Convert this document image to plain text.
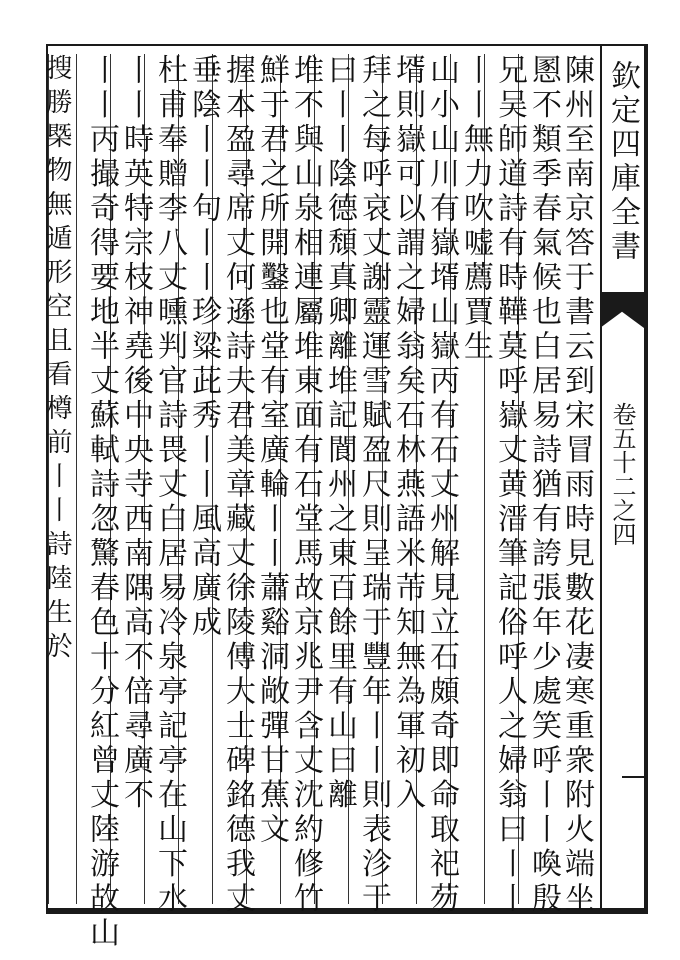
欽定四庫全書
卷五十二之四
陳州至南京答于書云到宋冒雨時見數花凄寒重衆附火端坐
慁不類季春氣候也白居易詩猶有誇張年少處笑呼丨丨喚殷
兄吴師道詩有時鞾莫呼嶽丈黄溍筆記俗呼人之婦翁曰丨丨
丨丨無力吹嘘薦賈生
山小山川有嶽壻山嶽丙有石丈州解見立石頗奇即命取祀芴
壻則嶽可以謂之婦翁矣石林燕語米芾知無為軍初入
拜之每呼哀丈謝靈運雪賦盈尺則呈瑞于豐年丨丨則表沴于
曰丨丨陰德頹真卿離堆記閬州之東百餘里有山曰離
堆不與山泉相連屬堆東面有石堂馬故京兆尹含丈沈約修竹
鮮于君之所開鑿也堂有室廣輪丨丨蕭谿洞敞彈甘蕉文
握本盈尋席丈何遜詩夫君美章藏丈徐陵傅大士碑銘德我丈
垂陰丨丨句丨丨珍粱茈秀丨丨風高廣成
杜甫奉贈李八丈曛判官詩畏丈白居易冷泉亭記亭在山下水
丨丨時英特宗枝神堯後中央寺西南隅高不倍尋廣不
丨丨丙撮奇得要地半丈蘇軾詩忽驚春色十分紅曾丈陸游故山
搜勝槩物無遁形空且看樽前丨丨詩陸生於
